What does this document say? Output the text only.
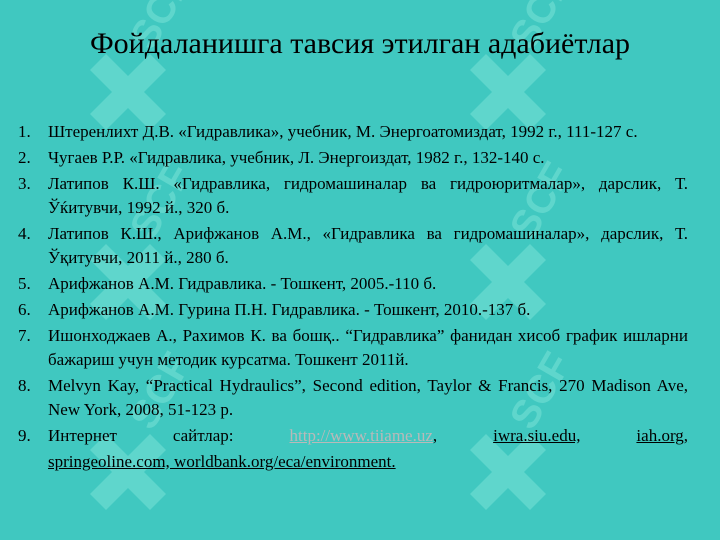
Фойдаланишга тавсия этилган адабиётлар
1.	Штеренлихт Д.В. «Гидравлика», учебник, М. Энергоатомиздат, 1992 г., 111-127 с.
2.	Чугаев Р.Р. «Гидравлика, учебник, Л. Энергоиздат, 1982 г., 132-140 с.
3.	Латипов К.Ш. «Гидравлика, гидромашиналар ва гидроюритмалар», дарслик, Т. Ўќитувчи, 1992 й., 320 б.
4.	Латипов К.Ш., Арифжанов А.М., «Гидравлика ва гидромашиналар», дарслик, Т. Ўқитувчи, 2011 й., 280 б.
5.	Арифжанов А.М. Гидравлика. - Тошкент, 2005.-110 б.
6.	Арифжанов А.М. Гурина П.Н. Гидравлика. - Тошкент, 2010.-137 б.
7.	Ишонходжаев А., Рахимов К. ва бошқ.. “Гидравлика” фанидан хисоб график ишларни бажариш учун методик курсатма. Тошкент 2011й.
8.	Melvyn Kay, “Practical Hydraulics”, Second edition, Taylor & Francis, 270 Madison Ave, New York, 2008, 51-123 p.
9.	Интернет сайтлар:	http://www.tiiame.uz, iwra.siu.edu,	iah.org,
springeoline.com, worldbank.org/eca/environment.
